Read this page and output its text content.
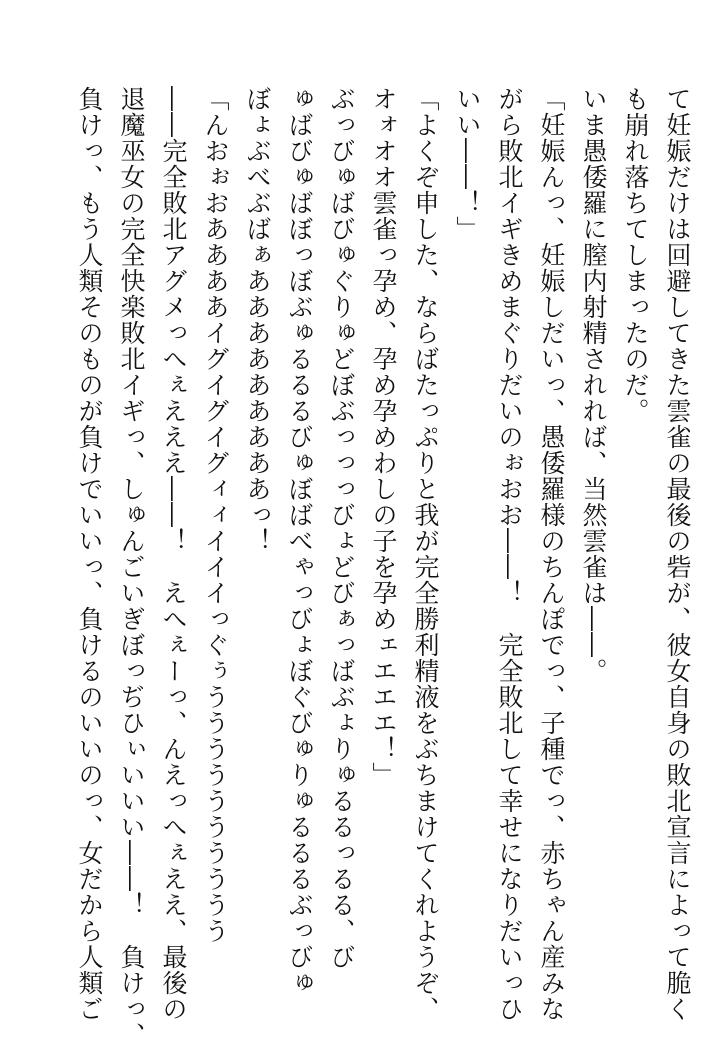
て妊娠だけは回避してきた雲雀の最後の砦が、彼女自身の敗北宣言によって脆く
も崩れ落ちてしまったのだ。
いま愚倭羅に膣内射精されれば、当然雲雀は――。
「妊娠んっ、妊娠しだいっ、愚倭羅様のちんぽでっ、子種でっ、赤ちゃん産みな
がら敗北イギきめまぐりだいのぉおお――！　完全敗北して幸せになりだいっひ
いい――！」
「よくぞ申した、ならばたっぷりと我が完全勝利精液をぶちまけてくれようぞ、
オォオオ雲雀っ孕め、孕め孕めわしの子を孕めェエエエ！」
ぶっびゅばびゅぐりゅどぼぶっっっびょどびぁっばぶょりゅるるっるる、び
ゅばびゅばぼっぼぶゅるるるびゅぼばべゃっびょぼぐびゅりゅるるるぶっびゅ
ぼょぶべぶばぁあああああああああっ！
「んおぉおああああイグイグイグィィイイイっぐぅうううううううううう
――完全敗北アグメっへぇえええ――！　えへぇーっ、んえっへぇええ、最後の
退魔巫女の完全快楽敗北イギっ、しゅんごいぎぼっぢひぃいいい――！　負けっ、
負けっ、もう人類そのものが負けでいいっ、負けるのいいのっ、女だから人類ご
